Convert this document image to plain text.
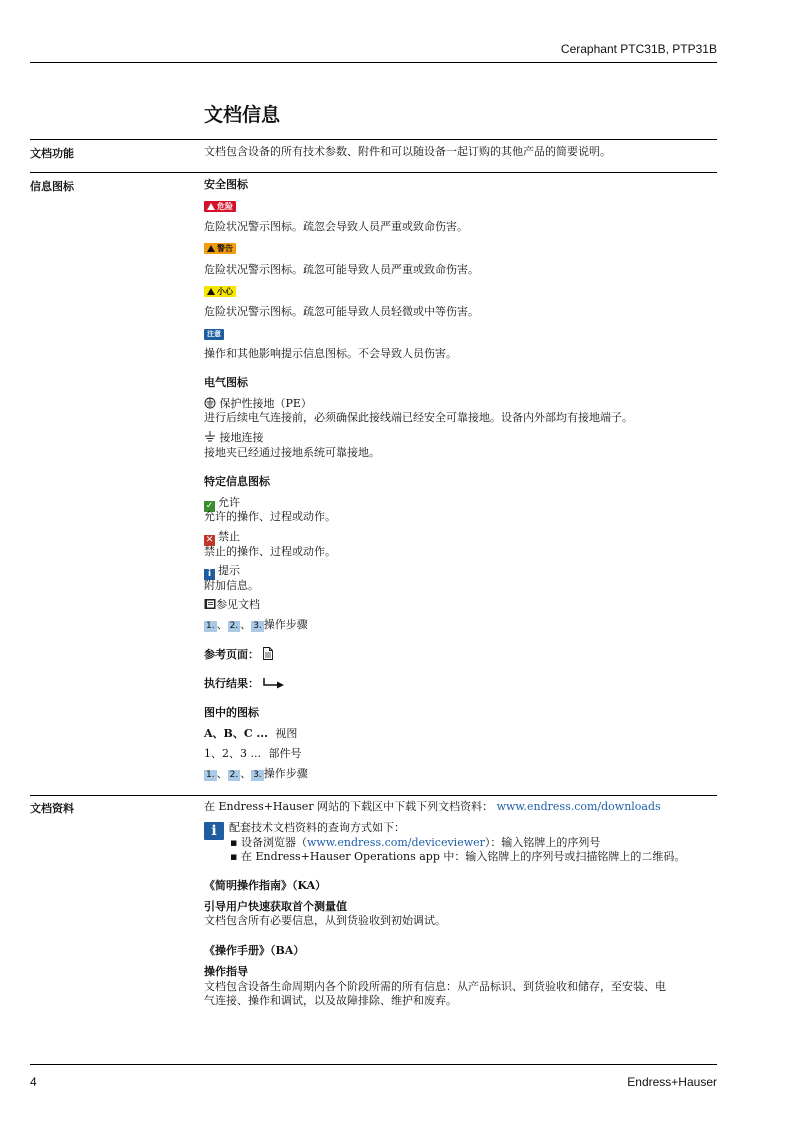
Ceraphant PTC31B, PTP31B
文档信息
文档功能	文档包含设备的所有技术参数、附件和可以随设备一起订购的其他产品的简要说明。
信息图标	安全图标
危险
危险状况警示图标。疏忽会导致人员严重或致命伤害。
警告
危险状况警示图标。疏忽可能导致人员严重或致命伤害。
小心
危险状况警示图标。疏忽可能导致人员轻微或中等伤害。
注意
操作和其他影响提示信息图标。不会导致人员伤害。
电气图标
保护性接地（PE）
进行后续电气连接前，必须确保此接线端已经安全可靠接地。设备内外部均有接地端子。
接地连接
接地夹已经通过接地系统可靠接地。
特定信息图标
✓ 允许
允许的操作、过程或动作。
✕ 禁止
禁止的操作、过程或动作。
i 提示
附加信息。
参见文档
1. 、 2. 、 3. 操作步骤
参考页面：
执行结果：
图中的图标
A、B、C ... 视图
1、2、3 ... 部件号
1. 、 2. 、 3. 操作步骤
文档资料	在 Endress+Hauser 网站的下载区中下载下列文档资料： www.endress.com/downloads
i	配套技术文档资料的查询方式如下：
▪ 设备浏览器（www.endress.com/deviceviewer）：输入铭牌上的序列号
▪ 在 Endress+Hauser Operations app 中：输入铭牌上的序列号或扫描铭牌上的二维码。
《简明操作指南》（KA）
引导用户快速获取首个测量值
文档包含所有必要信息，从到货验收到初始调试。
《操作手册》（BA）
操作指导
文档包含设备生命周期内各个阶段所需的所有信息：从产品标识、到货验收和储存，至安装、电
气连接、操作和调试，以及故障排除、维护和废弃。
4	Endress+Hauser
